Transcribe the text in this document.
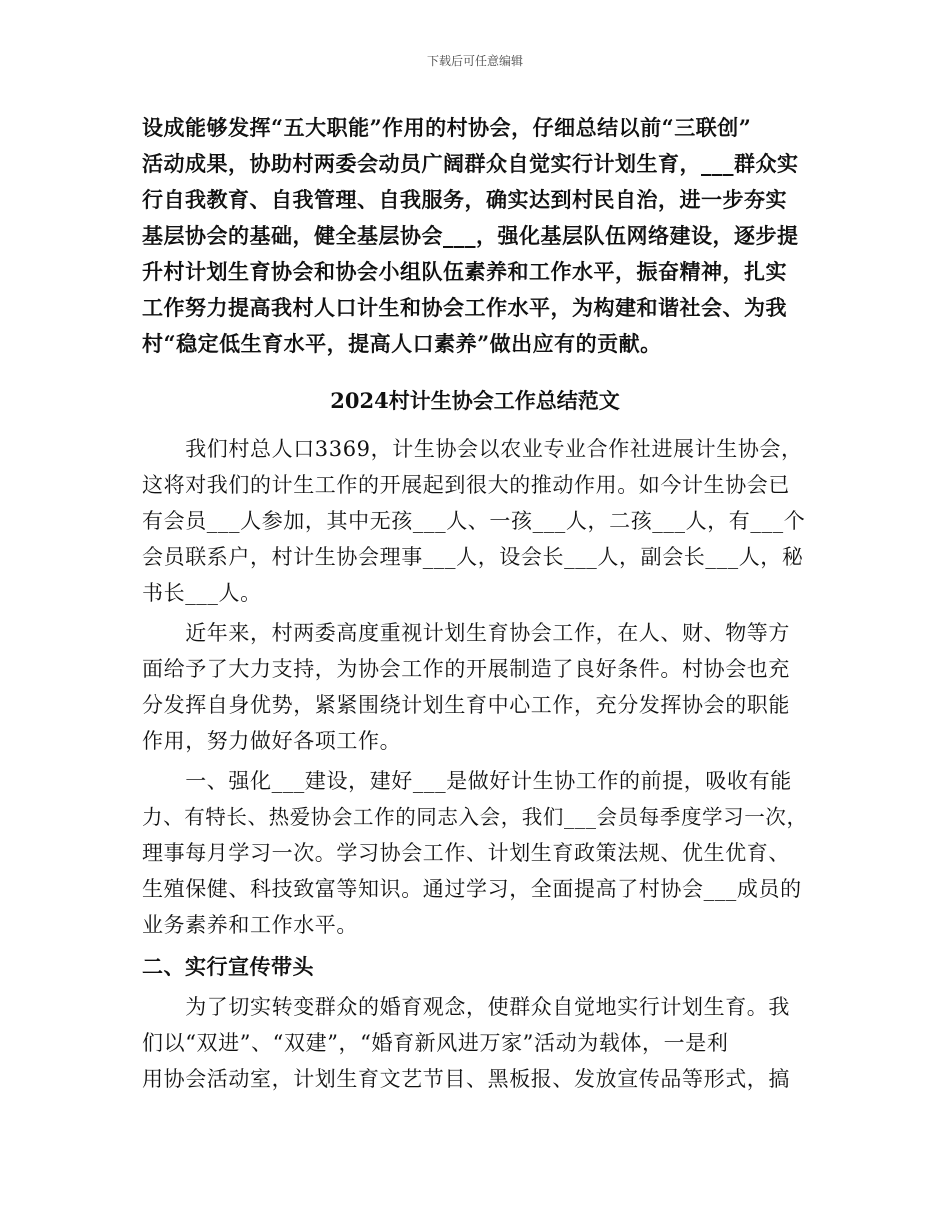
下载后可任意编辑
设成能够发挥“五大职能”作用的村协会，仔细总结以前“三联创”
活动成果，协助村两委会动员广阔群众自觉实行计划生育，___群众实
行自我教育、自我管理、自我服务，确实达到村民自治，进一步夯实
基层协会的基础，健全基层协会___，强化基层队伍网络建设，逐步提
升村计划生育协会和协会小组队伍素养和工作水平，振奋精神，扎实
工作努力提高我村人口计生和协会工作水平，为构建和谐社会、为我
村“稳定低生育水平，提高人口素养”做出应有的贡献。
2024村计生协会工作总结范文
　　我们村总人口3369，计生协会以农业专业合作社进展计生协会，
这将对我们的计生工作的开展起到很大的推动作用。如今计生协会已
有会员___人参加，其中无孩___人、一孩___人，二孩___人，有___个
会员联系户，村计生协会理事___人，设会长___人，副会长___人，秘
书长___人。
　　近年来，村两委高度重视计划生育协会工作，在人、财、物等方
面给予了大力支持，为协会工作的开展制造了良好条件。村协会也充
分发挥自身优势，紧紧围绕计划生育中心工作，充分发挥协会的职能
作用，努力做好各项工作。
　　一、强化___建设，建好___是做好计生协工作的前提，吸收有能
力、有特长、热爱协会工作的同志入会，我们___会员每季度学习一次，
理事每月学习一次。学习协会工作、计划生育政策法规、优生优育、
生殖保健、科技致富等知识。通过学习，全面提高了村协会___成员的
业务素养和工作水平。
二、实行宣传带头
　　为了切实转变群众的婚育观念，使群众自觉地实行计划生育。我
们以“双进”、“双建”，“婚育新风进万家”活动为载体，一是利
用协会活动室，计划生育文艺节目、黑板报、发放宣传品等形式，搞
